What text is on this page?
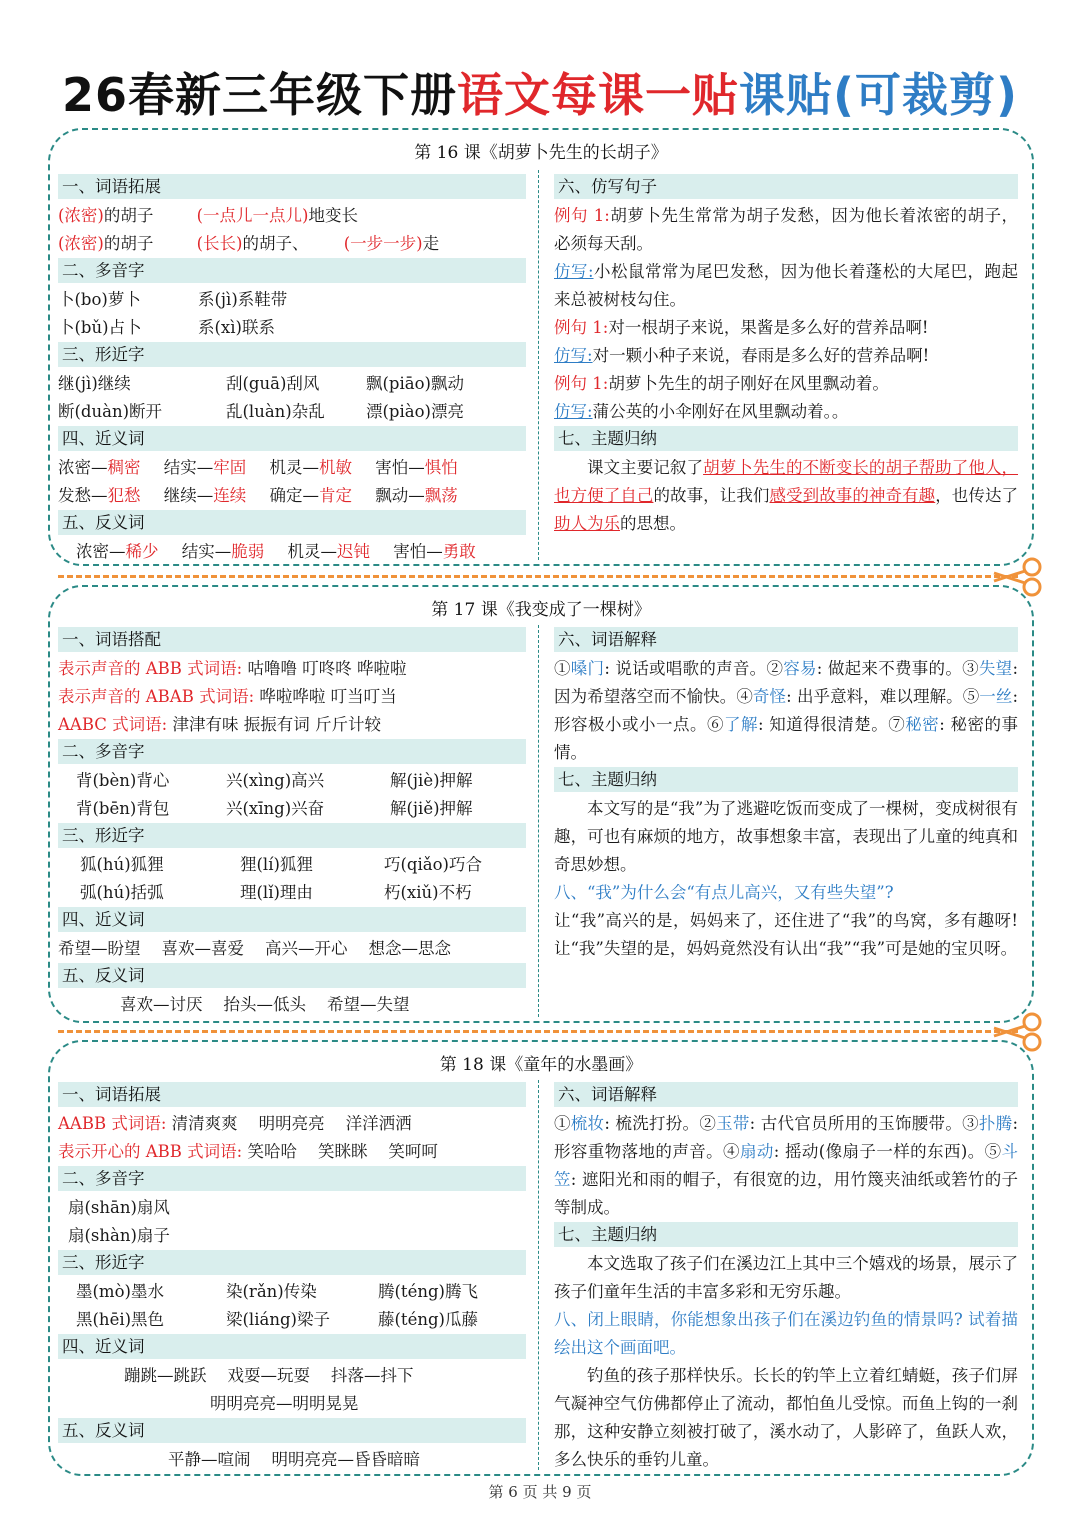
26春新三年级下册语文每课一贴课贴(可裁剪)
第 16 课《胡萝卜先生的长胡子》
一、词语拓展
(浓密)的胡子	(一点儿一点儿)地变长
(浓密)的胡子	(长长)的胡子、 (一步一步)走
二、多音字
卜(bo)萝卜	系(jì)系鞋带
卜(bǔ)占卜	系(xì)联系
三、形近字
继(jì)继续	刮(guā)刮风	飘(piāo)飘动
断(duàn)断开	乱(luàn)杂乱	漂(piào)漂亮
四、近义词
浓密—稠密 结实—牢固 机灵—机敏 害怕—惧怕
发愁—犯愁 继续—连续 确定—肯定 飘动—飘荡
五、反义词
浓密—稀少 结实—脆弱 机灵—迟钝 害怕—勇敢
六、仿写句子
例句 1:胡萝卜先生常常为胡子发愁，因为他长着浓密的胡子，必须每天刮。
仿写:小松鼠常常为尾巴发愁，因为他长着蓬松的大尾巴，跑起来总被树枝勾住。
例句 1:对一根胡子来说，果酱是多么好的营养品啊!
仿写:对一颗小种子来说，春雨是多么好的营养品啊!
例句 1:胡萝卜先生的胡子刚好在风里飘动着。
仿写:蒲公英的小伞刚好在风里飘动着。。
七、主题归纳
课文主要记叙了胡萝卜先生的不断变长的胡子帮助了他人，也方便了自己的故事，让我们感受到故事的神奇有趣，也传达了助人为乐的思想。
第 17 课《我变成了一棵树》
一、词语搭配
表示声音的 ABB 式词语: 咕噜噜 叮咚咚 哗啦啦
表示声音的 ABAB 式词语: 哗啦哗啦 叮当叮当
AABC 式词语: 津津有味 振振有词 斤斤计较
二、多音字
背(bèn)背心	兴(xìng)高兴	解(jiè)押解
背(bēn)背包	兴(xīng)兴奋	解(jiě)押解
三、形近字
狐(hú)狐狸	狸(lí)狐狸	巧(qiǎo)巧合
弧(hú)括弧	理(lǐ)理由	朽(xiǔ)不朽
四、近义词
希望—盼望    喜欢—喜爱    高兴—开心    想念—思念
五、反义词
喜欢—讨厌    抬头—低头    希望—失望
六、词语解释
①嗓门: 说话或唱歌的声音。②容易: 做起来不费事的。③失望: 因为希望落空而不愉快。④奇怪: 出乎意料，难以理解。⑤一丝: 形容极小或小一点。⑥了解: 知道得很清楚。⑦秘密: 秘密的事情。
七、主题归纳
本文写的是“我”为了逃避吃饭而变成了一棵树，变成树很有趣，可也有麻烦的地方，故事想象丰富，表现出了儿童的纯真和奇思妙想。
八、“我”为什么会“有点儿高兴，又有些失望”?
让“我”高兴的是，妈妈来了，还住进了“我”的鸟窝，多有趣呀!让“我”失望的是，妈妈竟然没有认出“我”“我”可是她的宝贝呀。
第 18 课《童年的水墨画》
一、词语拓展
AABB 式词语: 清清爽爽    明明亮亮    洋洋洒洒
表示开心的 ABB 式词语: 笑哈哈    笑眯眯    笑呵呵
二、多音字
扇(shān)扇风
扇(shàn)扇子
三、形近字
墨(mò)墨水	染(rǎn)传染	腾(téng)腾飞
黑(hēi)黑色	梁(liáng)梁子	藤(téng)瓜藤
四、近义词
蹦跳—跳跃    戏耍—玩耍    抖落—抖下
明明亮亮—明明晃晃
五、反义词
平静—喧闹    明明亮亮—昏昏暗暗
六、词语解释
①梳妆: 梳洗打扮。②玉带: 古代官员所用的玉饰腰带。③扑腾: 形容重物落地的声音。④扇动: 摇动(像扇子一样的东西)。⑤斗笠: 遮阳光和雨的帽子，有很宽的边，用竹篾夹油纸或箬竹的子等制成。
七、主题归纳
本文选取了孩子们在溪边江上其中三个嬉戏的场景，展示了孩子们童年生活的丰富多彩和无穷乐趣。
八、闭上眼睛，你能想象出孩子们在溪边钓鱼的情景吗? 试着描绘出这个画面吧。
钓鱼的孩子那样快乐。长长的钓竿上立着红蜻蜓，孩子们屏气凝神空气仿佛都停止了流动，都怕鱼儿受惊。而鱼上钩的一刹那，这种安静立刻被打破了，溪水动了，人影碎了，鱼跃人欢，多么快乐的垂钓儿童。
第 6 页 共 9 页
